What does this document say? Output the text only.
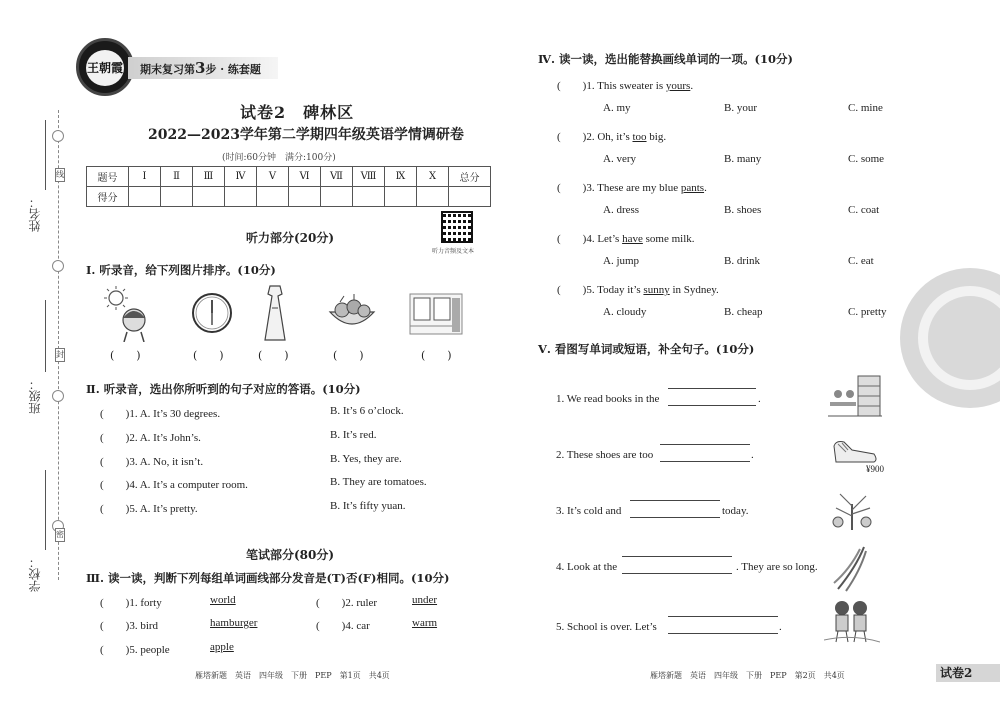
线
封
密
姓名：
班级：
学校：
王朝霞	期末复习第3步 · 练套题
试卷2　碑林区
2022—2023学年第二学期四年级英语学情调研卷
(时间:60分钟　满分:100分)
题号	Ⅰ	Ⅱ	Ⅲ	Ⅳ	Ⅴ	Ⅵ	Ⅶ	Ⅷ	Ⅸ	Ⅹ	总分
得分											
听力音频及文本
听力部分(20分)
Ⅰ. 听录音，给下列图片排序。(10分)
(　　)	(　　)	(　　)	(　　)	(　　)
Ⅱ. 听录音，选出你所听到的句子对应的答语。(10分)
(　　)1. A. It’s 30 degrees.	B. It’s 6 o’clock.
(　　)2. A. It’s John’s.	B. It’s red.
(　　)3. A. No, it isn’t.	B. Yes, they are.
(　　)4. A. It’s a computer room.	B. They are tomatoes.
(　　)5. A. It’s pretty.	B. It’s fifty yuan.
笔试部分(80分)
Ⅲ. 读一读，判断下列每组单词画线部分发音是(T)否(F)相同。(10分)
(　　)1. forty	world	(　　)2. ruler	under
(　　)3. bird	hamburger	(　　)4. car	warm
(　　)5. people	apple
雁塔新题　英语　四年级　下册　PEP　第1页　共4页
Ⅳ. 读一读，选出能替换画线单词的一项。(10分)
(　　)1. This sweater is yours.
A. my	B. your	C. mine
(　　)2. Oh, it’s too big.
A. very	B. many	C. some
(　　)3. These are my blue pants.
A. dress	B. shoes	C. coat
(　　)4. Let’s have some milk.
A. jump	B. drink	C. eat
(　　)5. Today it’s sunny in Sydney.
A. cloudy	B. cheap	C. pretty
Ⅴ. 看图写单词或短语，补全句子。(10分)
1. We read books in the	.
2. These shoes are too	.
¥900
3. It’s cold and	today.
4. Look at the	. They are so long.
5. School is over. Let’s	.
雁塔新题　英语　四年级　下册　PEP　第2页　共4页	试卷2
